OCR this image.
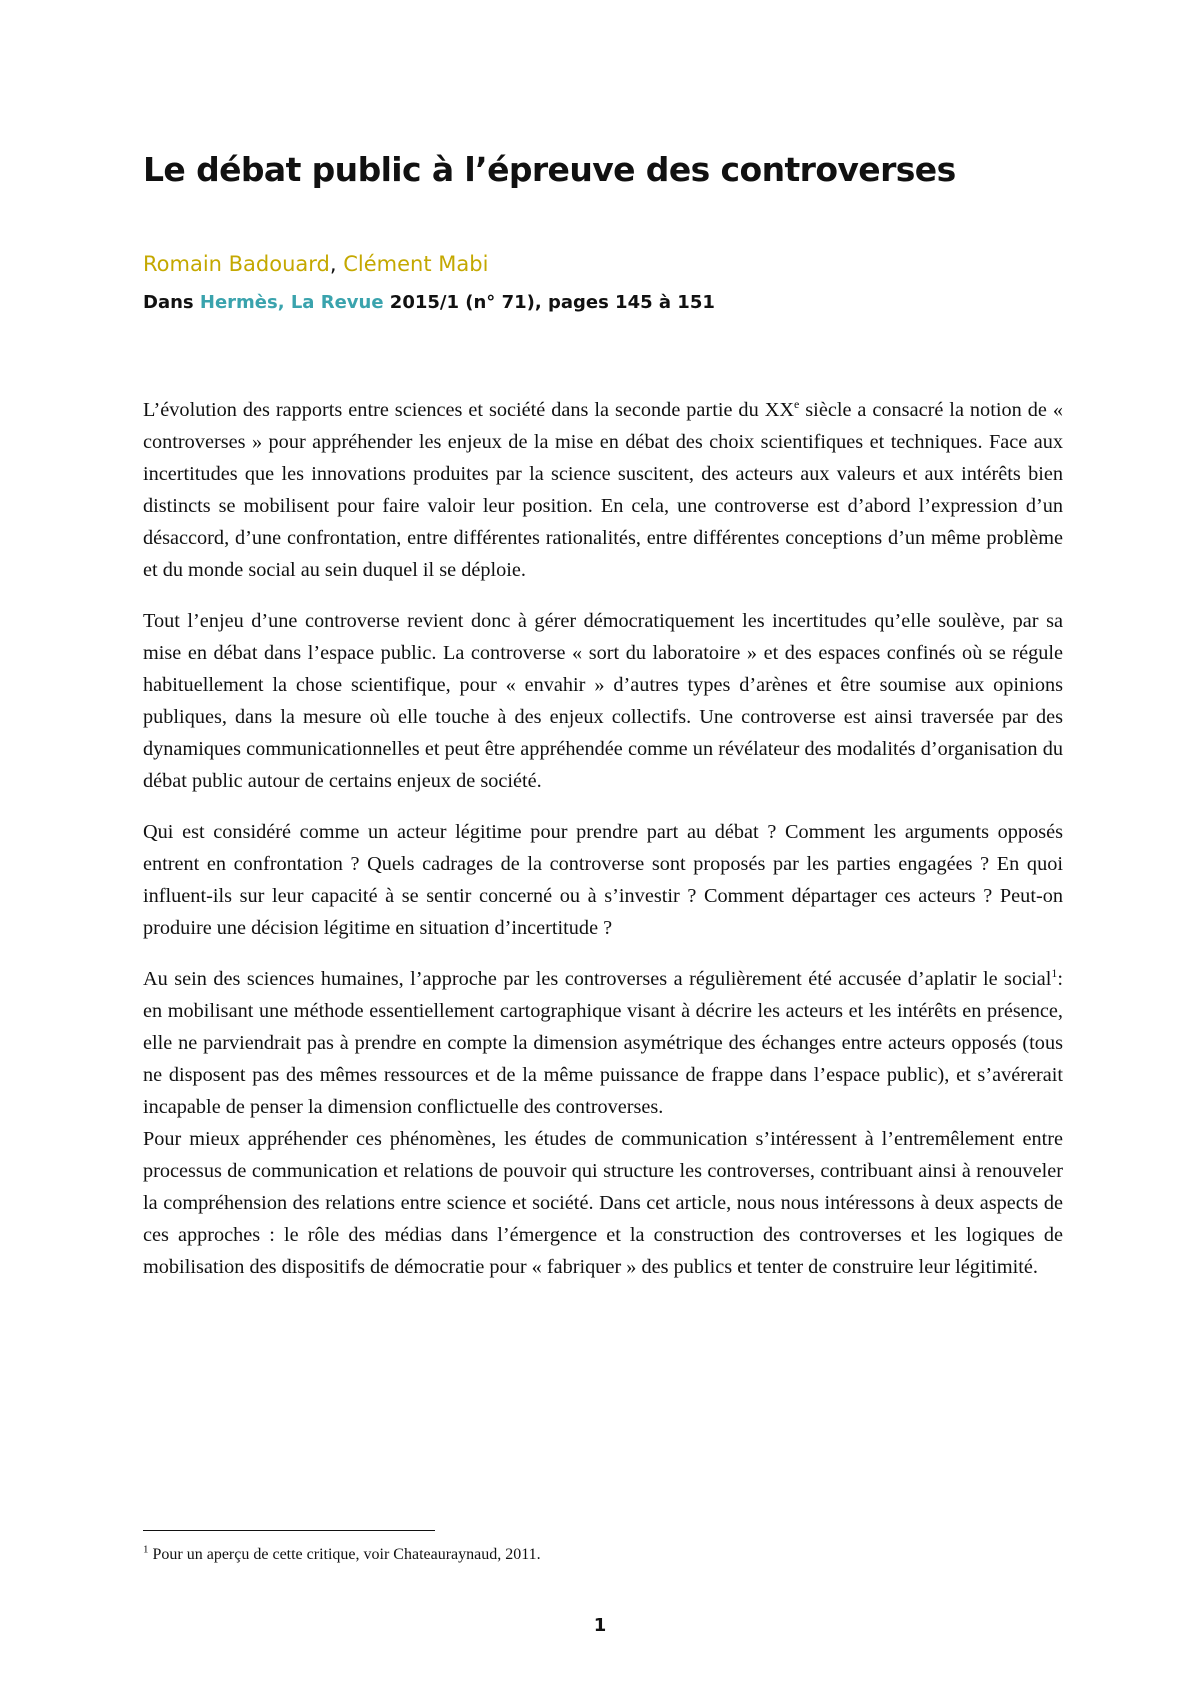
Le débat public à l’épreuve des controverses
Romain Badouard, Clément Mabi
Dans Hermès, La Revue 2015/1 (n° 71), pages 145 à 151

L’évolution des rapports entre sciences et société dans la seconde partie du XXe siècle a consacré la notion de « controverses » pour appréhender les enjeux de la mise en débat des choix scientifiques et techniques. Face aux incertitudes que les innovations produites par la science suscitent, des acteurs aux valeurs et aux intérêts bien distincts se mobilisent pour faire valoir leur position. En cela, une controverse est d’abord l’expression d’un désaccord, d’une confrontation, entre différentes rationalités, entre différentes conceptions d’un même problème et du monde social au sein duquel il se déploie.

Tout l’enjeu d’une controverse revient donc à gérer démocratiquement les incertitudes qu’elle soulève, par sa mise en débat dans l’espace public. La controverse « sort du laboratoire » et des espaces confinés où se régule habituellement la chose scientifique, pour « envahir » d’autres types d’arènes et être soumise aux opinions publiques, dans la mesure où elle touche à des enjeux collectifs. Une controverse est ainsi traversée par des dynamiques communicationnelles et peut être appréhendée comme un révélateur des modalités d’organisation du débat public autour de certains enjeux de société.

Qui est considéré comme un acteur légitime pour prendre part au débat ? Comment les arguments opposés entrent en confrontation ? Quels cadrages de la controverse sont proposés par les parties engagées ? En quoi influent-ils sur leur capacité à se sentir concerné ou à s’investir ? Comment départager ces acteurs ? Peut-on produire une décision légitime en situation d’incertitude ?

Au sein des sciences humaines, l’approche par les controverses a régulièrement été accusée d’aplatir le social$^1$: en mobilisant une méthode essentiellement cartographique visant à décrire les acteurs et les intérêts en présence, elle ne parviendrait pas à prendre en compte la dimension asymétrique des échanges entre acteurs opposés (tous ne disposent pas des mêmes ressources et de la même puissance de frappe dans l’espace public), et s’avérerait incapable de penser la dimension conflictuelle des controverses.

Pour mieux appréhender ces phénomènes, les études de communication s’intéressent à l’entremêlement entre processus de communication et relations de pouvoir qui structure les controverses, contribuant ainsi à renouveler la compréhension des relations entre science et société. Dans cet article, nous nous intéressons à deux aspects de ces approches : le rôle des médias dans l’émergence et la construction des controverses et les logiques de mobilisation des dispositifs de démocratie pour « fabriquer » des publics et tenter de construire leur légitimité.

$^1$ Pour un aperçu de cette critique, voir Chateauraynaud, 2011.
1
